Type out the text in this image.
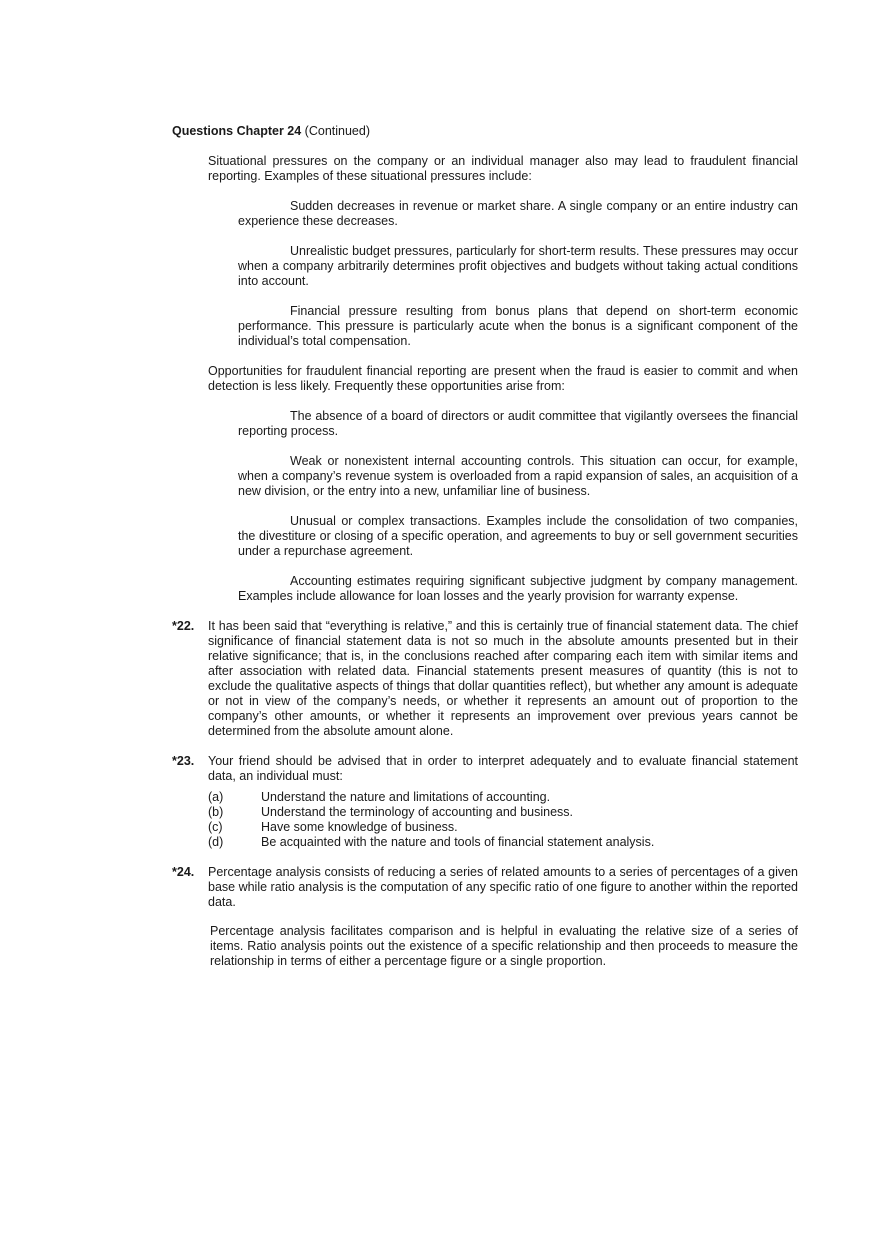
Questions Chapter 24 (Continued)

Situational pressures on the company or an individual manager also may lead to fraudulent financial reporting. Examples of these situational pressures include:

Sudden decreases in revenue or market share. A single company or an entire industry can experience these decreases.

Unrealistic budget pressures, particularly for short-term results. These pressures may occur when a company arbitrarily determines profit objectives and budgets without taking actual conditions into account.

Financial pressure resulting from bonus plans that depend on short-term economic performance. This pressure is particularly acute when the bonus is a significant component of the individual’s total compensation.

Opportunities for fraudulent financial reporting are present when the fraud is easier to commit and when detection is less likely. Frequently these opportunities arise from:

The absence of a board of directors or audit committee that vigilantly oversees the financial reporting process.

Weak or nonexistent internal accounting controls. This situation can occur, for example, when a company’s revenue system is overloaded from a rapid expansion of sales, an acquisition of a new division, or the entry into a new, unfamiliar line of business.

Unusual or complex transactions. Examples include the consolidation of two companies, the divestiture or closing of a specific operation, and agreements to buy or sell government securities under a repurchase agreement.

Accounting estimates requiring significant subjective judgment by company management. Examples include allowance for loan losses and the yearly provision for warranty expense.

*22. It has been said that “everything is relative,” and this is certainly true of financial statement data. The chief significance of financial statement data is not so much in the absolute amounts presented but in their relative significance; that is, in the conclusions reached after comparing each item with similar items and after association with related data. Financial statements present measures of quantity (this is not to exclude the qualitative aspects of things that dollar quantities reflect), but whether any amount is adequate or not in view of the company’s needs, or whether it represents an amount out of proportion to the company’s other amounts, or whether it represents an improvement over previous years cannot be determined from the absolute amount alone.

*23. Your friend should be advised that in order to interpret adequately and to evaluate financial statement data, an individual must:

(a)	Understand the nature and limitations of accounting.
(b)	Understand the terminology of accounting and business.
(c)	Have some knowledge of business.
(d)	Be acquainted with the nature and tools of financial statement analysis.
*24. Percentage analysis consists of reducing a series of related amounts to a series of percentages of a given base while ratio analysis is the computation of any specific ratio of one figure to another within the reported data.

Percentage analysis facilitates comparison and is helpful in evaluating the relative size of a series of items. Ratio analysis points out the existence of a specific relationship and then proceeds to measure the relationship in terms of either a percentage figure or a single proportion.
